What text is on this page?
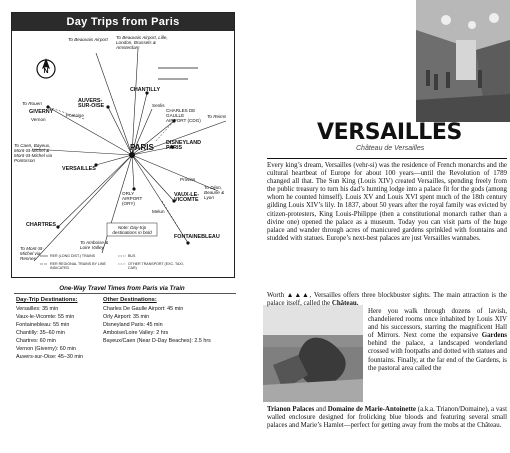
Day Trips from Paris
N
To Beauvais Airport To Beauvais Airport, Lille, London, Brussels & Amsterdam
To Rouen
GIVERNY
Vernon
AUVERS-SUR-OISE
Pontoise
CHANTILLY
Senlis
CHARLES DE GAULLE AIRPORT (CDG)
To Reims
To Caen, Bayeux, Mont-St-Michel & Mont-St-Michel via Pontorson
DISNEYLAND PARIS
PARIS
VERSAILLES
ORLY AIRPORT (ORY)
Provins
To Dijon, Beaune & Lyon
VAUX-LE-VICOMTE
Melun
CHARTRES
FONTAINEBLEAU
To Amboise & Loire Valley
To Mont-St-Michel via Rennes
Note: Day-trip destinations in bold
RER (LONG DIST.) TRAINS	BUS
RER REGIONAL TRAINS BY LINE INDICATED
OTHER TRANSPORT (EXC. TAXI, CAR)
One-Way Travel Times from Paris via Train
Day-Trip Destinations:	Other Destinations:
Versailles: 35 min
Vaux-le-Vicomte: 55 min
Fontainebleau: 55 min
Chantilly: 35–60 min
Chartres: 60 min
Vernon (Giverny): 60 min
Auvers-sur-Oise: 45–30 min
Charles De Gaulle Airport: 45 min
Orly Airport: 35 min
Disneyland Paris: 45 min
Amboise/Loire Valley: 2 hrs
Bayeux/Caen (Near D-Day Beaches): 2.5 hrs
VERSAILLES
Château de Versailles
Every king’s dream, Versailles (vehr-si) was the residence of French monarchs and the cultural heartbeat of Europe for about 100 years—until the Revolution of 1789 changed all that. The Sun King (Louis XIV) created Versailles, spending freely from the public treasury to turn his dad’s hunting lodge into a palace fit for the gods (among whom he counted himself). Louis XV and Louis XVI spent much of the 18th century gilding Louis XIV’s lily. In 1837, about 50 years after the royal family was evicted by citizen-protesters, King Louis-Philippe (then a constitutional monarch rather than a divine one) opened the palace as a museum. Today you can visit parts of the huge palace and wander through acres of manicured gardens sprinkled with fountains and studded with statues. Europe’s next-best palaces are just Versailles wannabes.
Worth ▲▲▲, Versailles offers three blockbuster sights. The main attraction is the palace itself, called the Château.
Here you walk through dozens of lavish, chandeliered rooms once inhabited by Louis XIV and his successors, starring the magnificent Hall of Mirrors. Next come the expansive Gardens behind the palace, a landscaped wonderland crossed with footpaths and dotted with statues and fountains. Finally, at the far end of the Gardens, is the pastoral area called the
Trianon Palaces and Domaine de Marie-Antoinette (a.k.a. Trianon/Domaine), a vast walled enclosure designed for frolicking blue bloods and featuring several small palaces and Marie’s Hamlet—perfect for getting away from the mobs at the Château.
